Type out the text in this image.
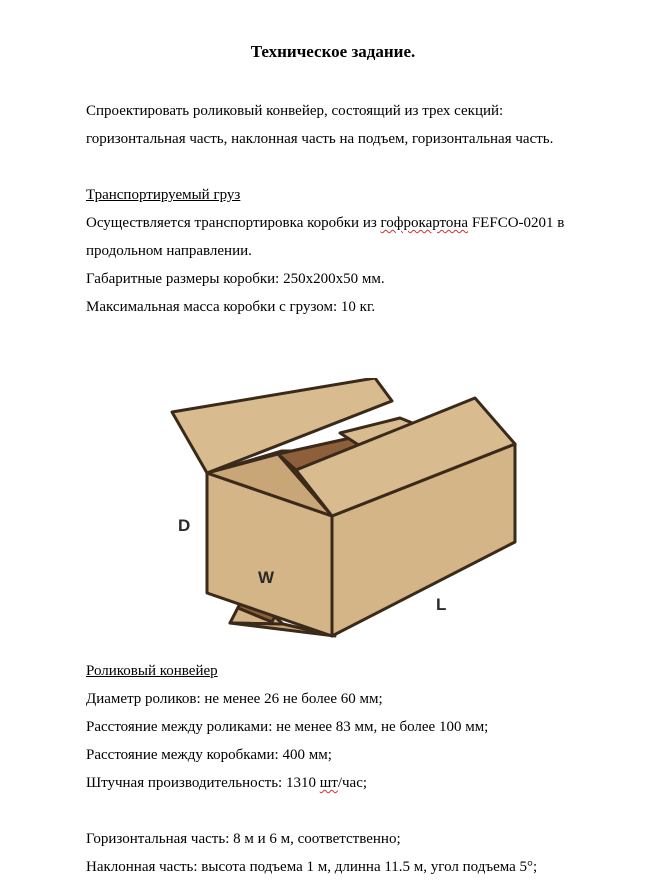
Техническое задание.
Спроектировать роликовый конвейер, состоящий из трех секций:
горизонтальная часть, наклонная часть на подъем, горизонтальная часть.
Транспортируемый груз
Осуществляется транспортировка коробки из гофрокартона FEFCO-0201 в
продольном направлении.
Габаритные размеры коробки: 250х200х50 мм.
Максимальная масса коробки с грузом: 10 кг.
D
W
L
Роликовый конвейер
Диаметр роликов: не менее 26 не более 60 мм;
Расстояние между роликами: не менее 83 мм, не более 100 мм;
Расстояние между коробками: 400 мм;
Штучная производительность: 1310 шт/час;
Горизонтальная часть: 8 м и 6 м, соответственно;
Наклонная часть: высота подъема 1 м, длинна 11.5 м, угол подъема 5°;
